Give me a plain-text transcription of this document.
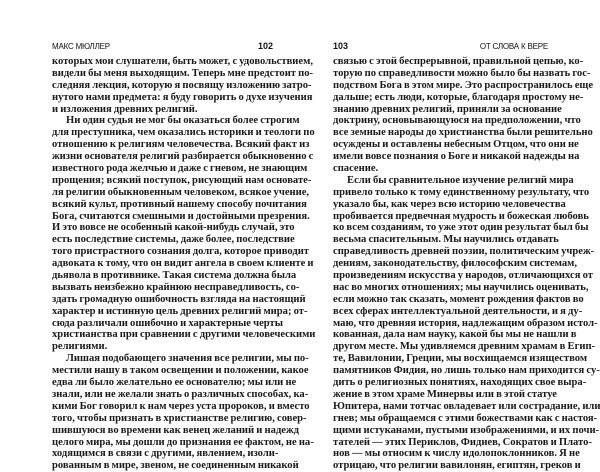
МАКС МЮЛЛЕР	102
которых мои слушатели, быть может, с удовольствием,
видели бы меня выходящим. Теперь мне предстоит по-
следняя лекция, которую я посвящу изложению затро-
нутого нами предмета: я буду говорить о духе изучения
и изложения древних религий.
Ни один судья не мог бы оказаться более строгим
для преступника, чем оказались историки и теологи по
отношению к религиям человечества. Всякий факт из
жизни основателя религий разбирается обыкновенно с
известного рода желчью и даже с гневом, не знающим
прощения; всякий поступок, рисующий нам основате-
ля религии обыкновенным человеком, всякое учение,
всякий культ, противный нашему способу почитания
Бога, считаются смешными и достойными презрения.
И это вовсе не особенный какой-нибудь случай, это
есть последствие системы, даже более, последствие
того пристрастного сознания долга, которое приводит
адвоката к тому, что он видит ангела в своем клиенте и
дьявола в противнике. Такая система должна была
вызвать неизбежно крайнюю несправедливость, со-
здать громадную ошибочность взгляда на настоящий
характер и истинную цель древних религий мира; от-
сюда различали ошибочно и характерные черты
христианства при сравнении с другими человеческими
религиями.
Лишая подобающего значения все религии, мы по-
местили нашу в таком освещении и положении, какое
едва ли было желательно ее основателю; мы или не
знали, или не желали знать о различных способах, ка-
кими Бог говорил к нам через уста пророков, и вместо
того, чтобы признать в христианстве религию, совер-
шившуюся во времени как венец желаний и надежд
целого мира, мы дошли до признания ее фактом, не на-
ходящимся в связи с другими, явлением, изоли-
рованным в мире, звеном, не соединенным никакой
103	ОТ СЛОВА К ВЕРЕ
связью с этой беспрерывной, правильной цепью, ко-
торую по справедливости можно было бы назвать гос-
подством Бога в этом мире. Это распространилось еще
дальше; есть люди, которые, благодаря простому не-
знанию древних религий, приняли за основание
доктрину, основывающуюся на предположении, что
все земные народы до христианства были решительно
осуждены и оставлены небесным Отцом, что они не
имели вовсе познания о Боге и никакой надежды на
спасение.
Если бы сравнительное изучение религий мира
привело только к тому единственному результату, что
указало бы, как через всю историю человечества
пробивается предвечная мудрость и божеская любовь
ко всем созданиям, то уже этот один результат был бы
весьма спасительным. Мы научились отдавать
справедливость древней поэзии, политическим учреж-
дениям, законодательству, философским системам,
произведениям искусства у народов, отличающихся от
нас во многих отношениях; мы научились оценивать,
если можно так сказать, момент рождения фактов во
всех сферах интеллектуальной деятельности, и я ду-
маю, что древняя история, надлежащим образом истол-
кованная, дала нам науку, какой бы мы не нашли в
другом месте. Мы удивляемся древним храмам в Егип-
те, Вавилонии, Греции, мы восхищаемся изяществом
памятников Фидия, но лишь только нам приходится су-
дить о религиозных понятиях, находящих свое выра-
жение в этом храме Минервы или в этой статуе
Юпитера, нами тотчас овладевает или сострадание, или
гнев; мы обращаемся с этими божествами как с настоя-
щими истуканами, пустыми изображениями, и их почи-
тателей — этих Периклов, Фидиев, Сократов и Плато-
нов — мы относим к числу идолопоклонников. Я не
отрицаю, что религии вавилонян, египтян, греков и
